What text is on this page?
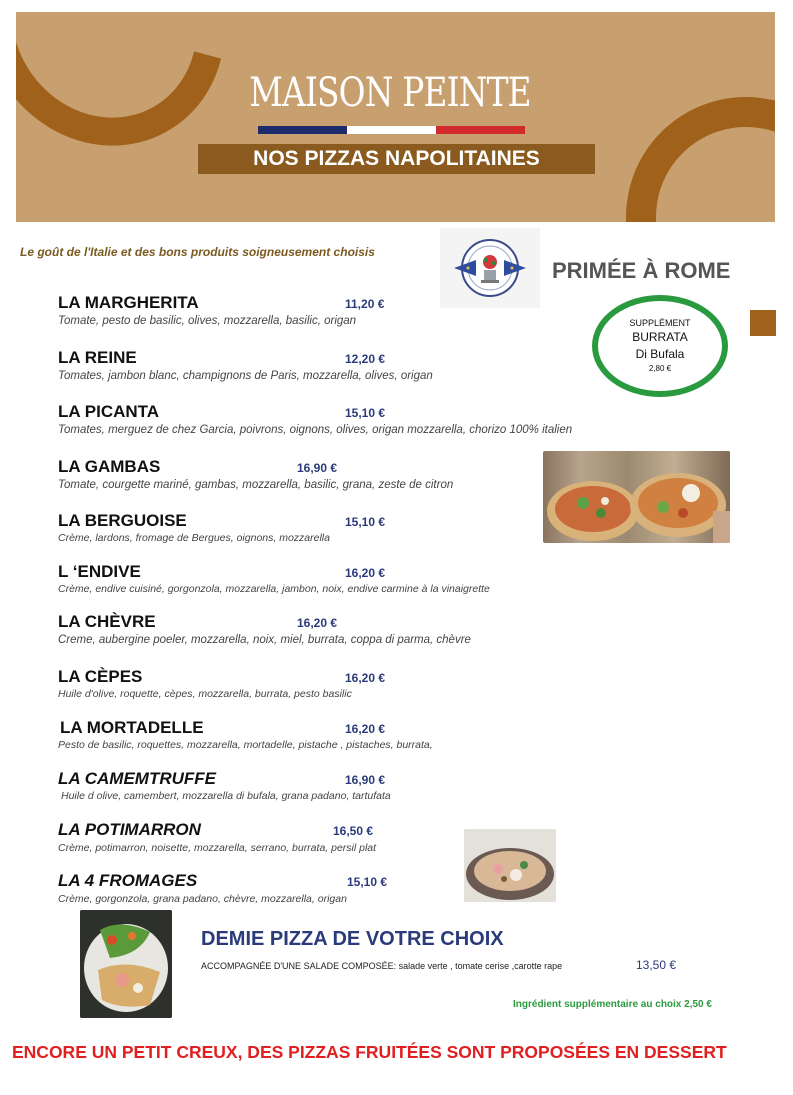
MAISON PEINTE
NOS PIZZAS NAPOLITAINES
Le goût de l'Italie et des bons produits soigneusement choisis
PRIMÉE À ROME
SUPPLÉMENT
BURRATA
Di Bufala
2,80 €
LA MARGHERITA	11,20 €
Tomate, pesto de basilic, olives, mozzarella, basilic, origan
LA REINE	12,20 €
Tomates, jambon blanc, champignons de Paris, mozzarella, olives, origan
LA PICANTA	15,10 €
Tomates, merguez de chez Garcia, poivrons, oignons, olives, origan mozzarella, chorizo 100% italien
LA GAMBAS	16,90 €
Tomate, courgette mariné, gambas, mozzarella, basilic, grana, zeste de citron
LA BERGUOISE	15,10 €
Crème, lardons, fromage de Bergues, oignons, mozzarella
L ‘ENDIVE	16,20 €
Crème, endive cuisiné, gorgonzola, mozzarella, jambon, noix, endive carmine à la vinaigrette
LA CHÈVRE	16,20 €
Creme, aubergine poeler, mozzarella, noix, miel, burrata, coppa di parma, chèvre
LA CÈPES	16,20 €
Huile d'olive, roquette, cèpes, mozzarella, burrata, pesto basilic
LA MORTADELLE	16,20 €
Pesto de basilic, roquettes, mozzarella, mortadelle, pistache , pistaches, burrata,
LA CAMEMTRUFFE	16,90 €
Huile d olive, camembert, mozzarella di bufala, grana padano, tartufata
LA POTIMARRON	16,50 €
Crème, potimarron, noisette, mozzarella, serrano, burrata, persil plat
LA 4 FROMAGES	15,10 €
Crème, gorgonzola, grana padano, chèvre, mozzarella, origan
DEMIE PIZZA DE VOTRE CHOIX
ACCOMPAGNÉE D'UNE SALADE COMPOSÉE: salade verte , tomate cerise ,carotte rape	13,50 €
Ingrédient supplémentaire au choix 2,50 €
ENCORE UN PETIT CREUX, DES PIZZAS FRUITÉES SONT PROPOSÉES EN DESSERT
